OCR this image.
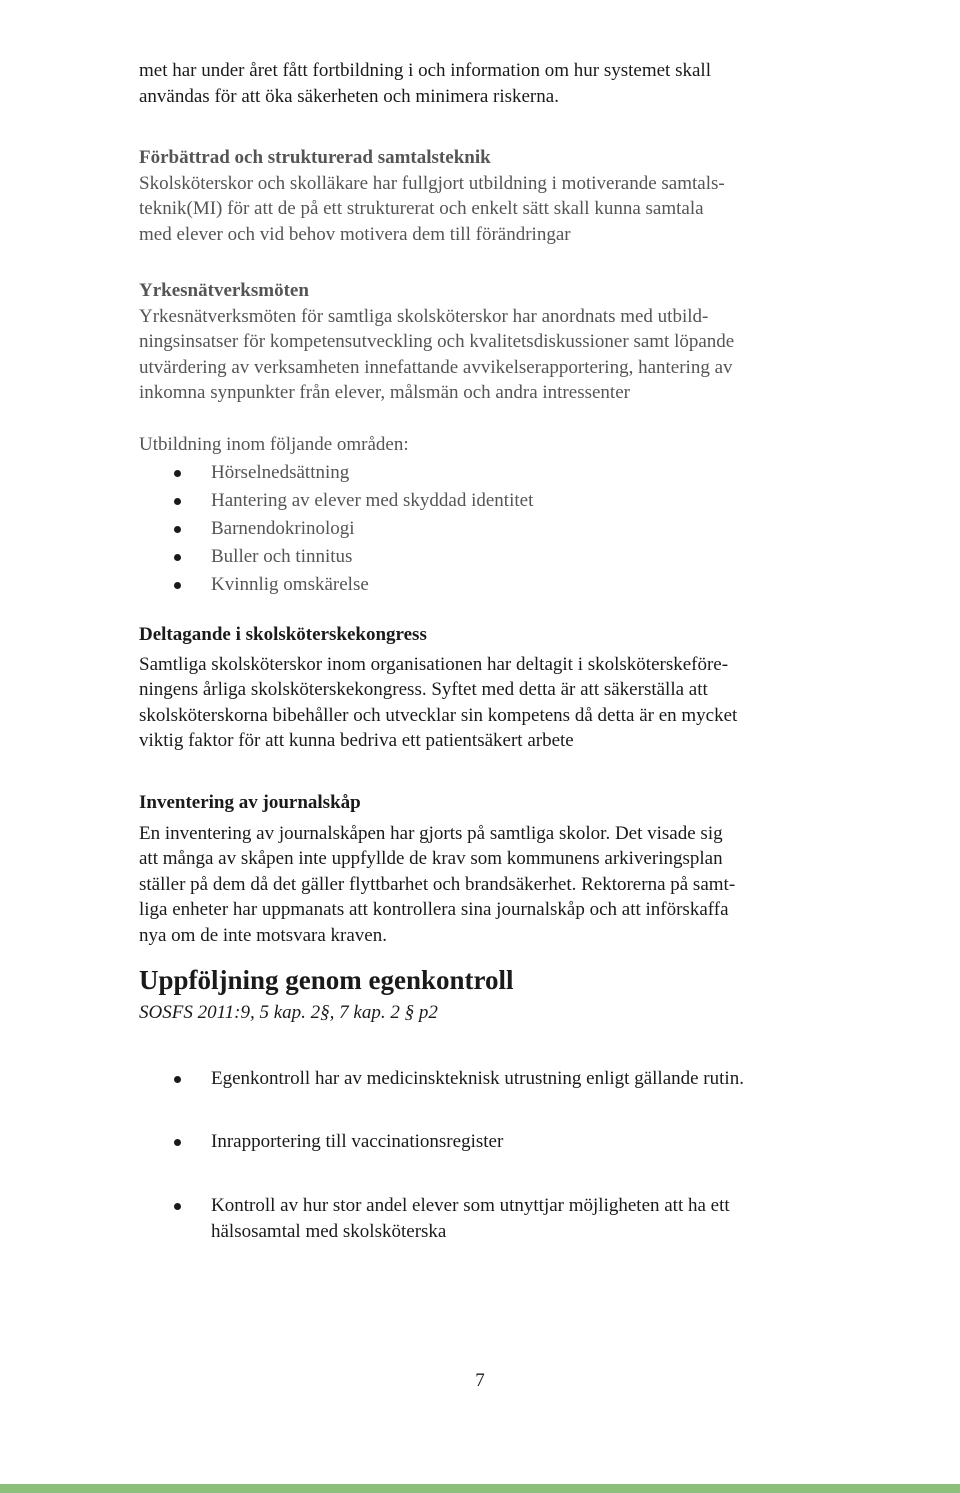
met har under året fått fortbildning i och information om hur systemet skall

användas för att öka säkerheten och minimera riskerna.

Förbättrad och strukturerad samtalsteknik

Skolsköterskor och skolläkare har fullgjort utbildning i motiverande samtals-

teknik(MI) för att de på ett strukturerat och enkelt sätt skall kunna samtala

med elever och vid behov motivera dem till förändringar

Yrkesnätverksmöten

Yrkesnätverksmöten för samtliga skolsköterskor har anordnats med utbild-

ningsinsatser för kompetensutveckling och kvalitetsdiskussioner samt löpande

utvärdering av verksamheten innefattande avvikelserapportering, hantering av

inkomna synpunkter från elever, målsmän och andra intressenter

Utbildning inom följande områden:

Hörselnedsättning
Hantering av elever med skyddad identitet
Barnendokrinologi
Buller och tinnitus
Kvinnlig omskärelse

Deltagande i skolsköterskekongress

Samtliga skolsköterskor inom organisationen har deltagit i skolsköterskeföre-

ningens årliga skolsköterskekongress. Syftet med detta är att säkerställa att

skolsköterskorna bibehåller och utvecklar sin kompetens då detta är en mycket

viktig faktor för att kunna bedriva ett patientsäkert arbete

Inventering av journalskåp

En inventering av journalskåpen har gjorts på samtliga skolor. Det visade sig

att många av skåpen inte uppfyllde de krav som kommunens arkiveringsplan

ställer på dem då det gäller flyttbarhet och brandsäkerhet. Rektorerna på samt-

liga enheter har uppmanats att kontrollera sina journalskåp och att införskaffa

nya om de inte motsvara kraven.

Uppföljning genom egenkontroll

SOSFS 2011:9, 5 kap. 2§, 7 kap. 2 § p2

Egenkontroll har av medicinskteknisk utrustning enligt gällande rutin.
Inrapportering till vaccinationsregister
Kontroll av hur stor andel elever som utnyttjar möjligheten att ha ett
hälsosamtal med skolsköterska
7
